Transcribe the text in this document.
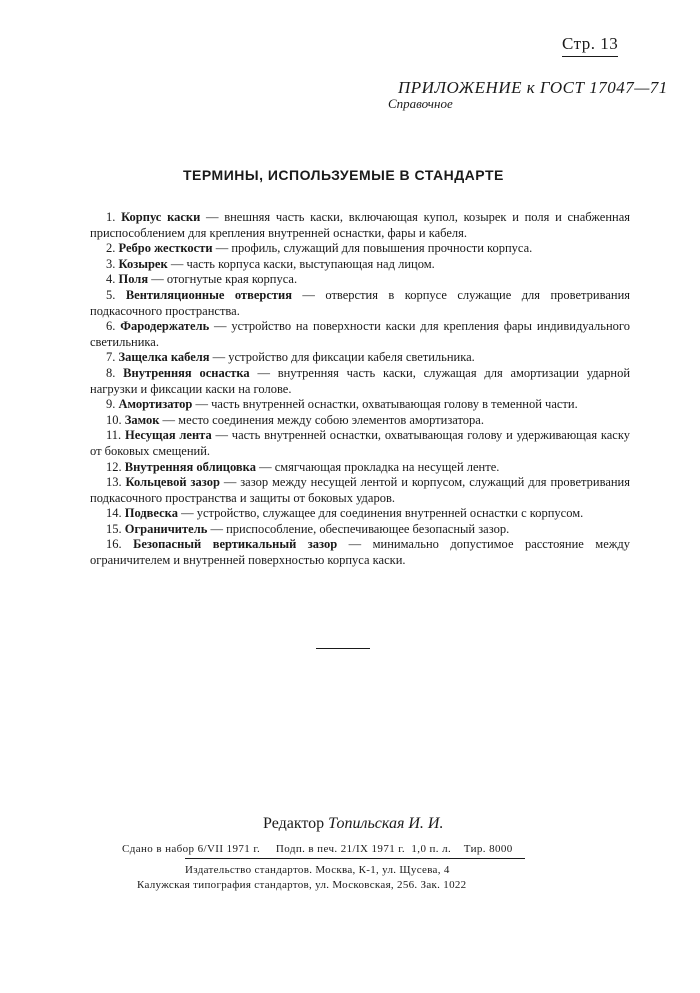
Стр. 13
ПРИЛОЖЕНИЕ к ГОСТ 17047—71
Справочное
ТЕРМИНЫ, ИСПОЛЬЗУЕМЫЕ В СТАНДАРТЕ

1. Корпус каски — внешняя часть каски, включающая купол, козырек и поля и снабженная приспособлением для крепления внутренней оснастки, фары и кабеля.

2. Ребро жесткости — профиль, служащий для повышения прочности корпуса.

3. Козырек — часть корпуса каски, выступающая над лицом.

4. Поля — отогнутые края корпуса.

5. Вентиляционные отверстия — отверстия в корпусе служащие для проветривания подкасочного пространства.

6. Фародержатель — устройство на поверхности каски для крепления фары индивидуального светильника.

7. Защелка кабеля — устройство для фиксации кабеля светильника.

8. Внутренняя оснастка — внутренняя часть каски, служащая для амортизации ударной нагрузки и фиксации каски на голове.

9. Амортизатор — часть внутренней оснастки, охватывающая голову в теменной части.

10. Замок — место соединения между собою элементов амортизатора.

11. Несущая лента — часть внутренней оснастки, охватывающая голову и удерживающая каску от боковых смещений.

12. Внутренняя облицовка — смягчающая прокладка на несущей ленте.

13. Кольцевой зазор — зазор между несущей лентой и корпусом, служащий для проветривания подкасочного пространства и защиты от боковых ударов.

14. Подвеска — устройство, служащее для соединения внутренней оснастки с корпусом.

15. Ограничитель — приспособление, обеспечивающее безопасный зазор.

16. Безопасный вертикальный зазор — минимально допустимое расстояние между ограничителем и внутренней поверхностью корпуса каски.

Редактор Топильская И. И.
Сдано в набор 6/VII 1971 г. Подп. в печ. 21/IX 1971 г. 1,0 п. л. Тир. 8000
Издательство стандартов. Москва, К-1, ул. Щусева, 4
Калужская типография стандартов, ул. Московская, 256. Зак. 1022
